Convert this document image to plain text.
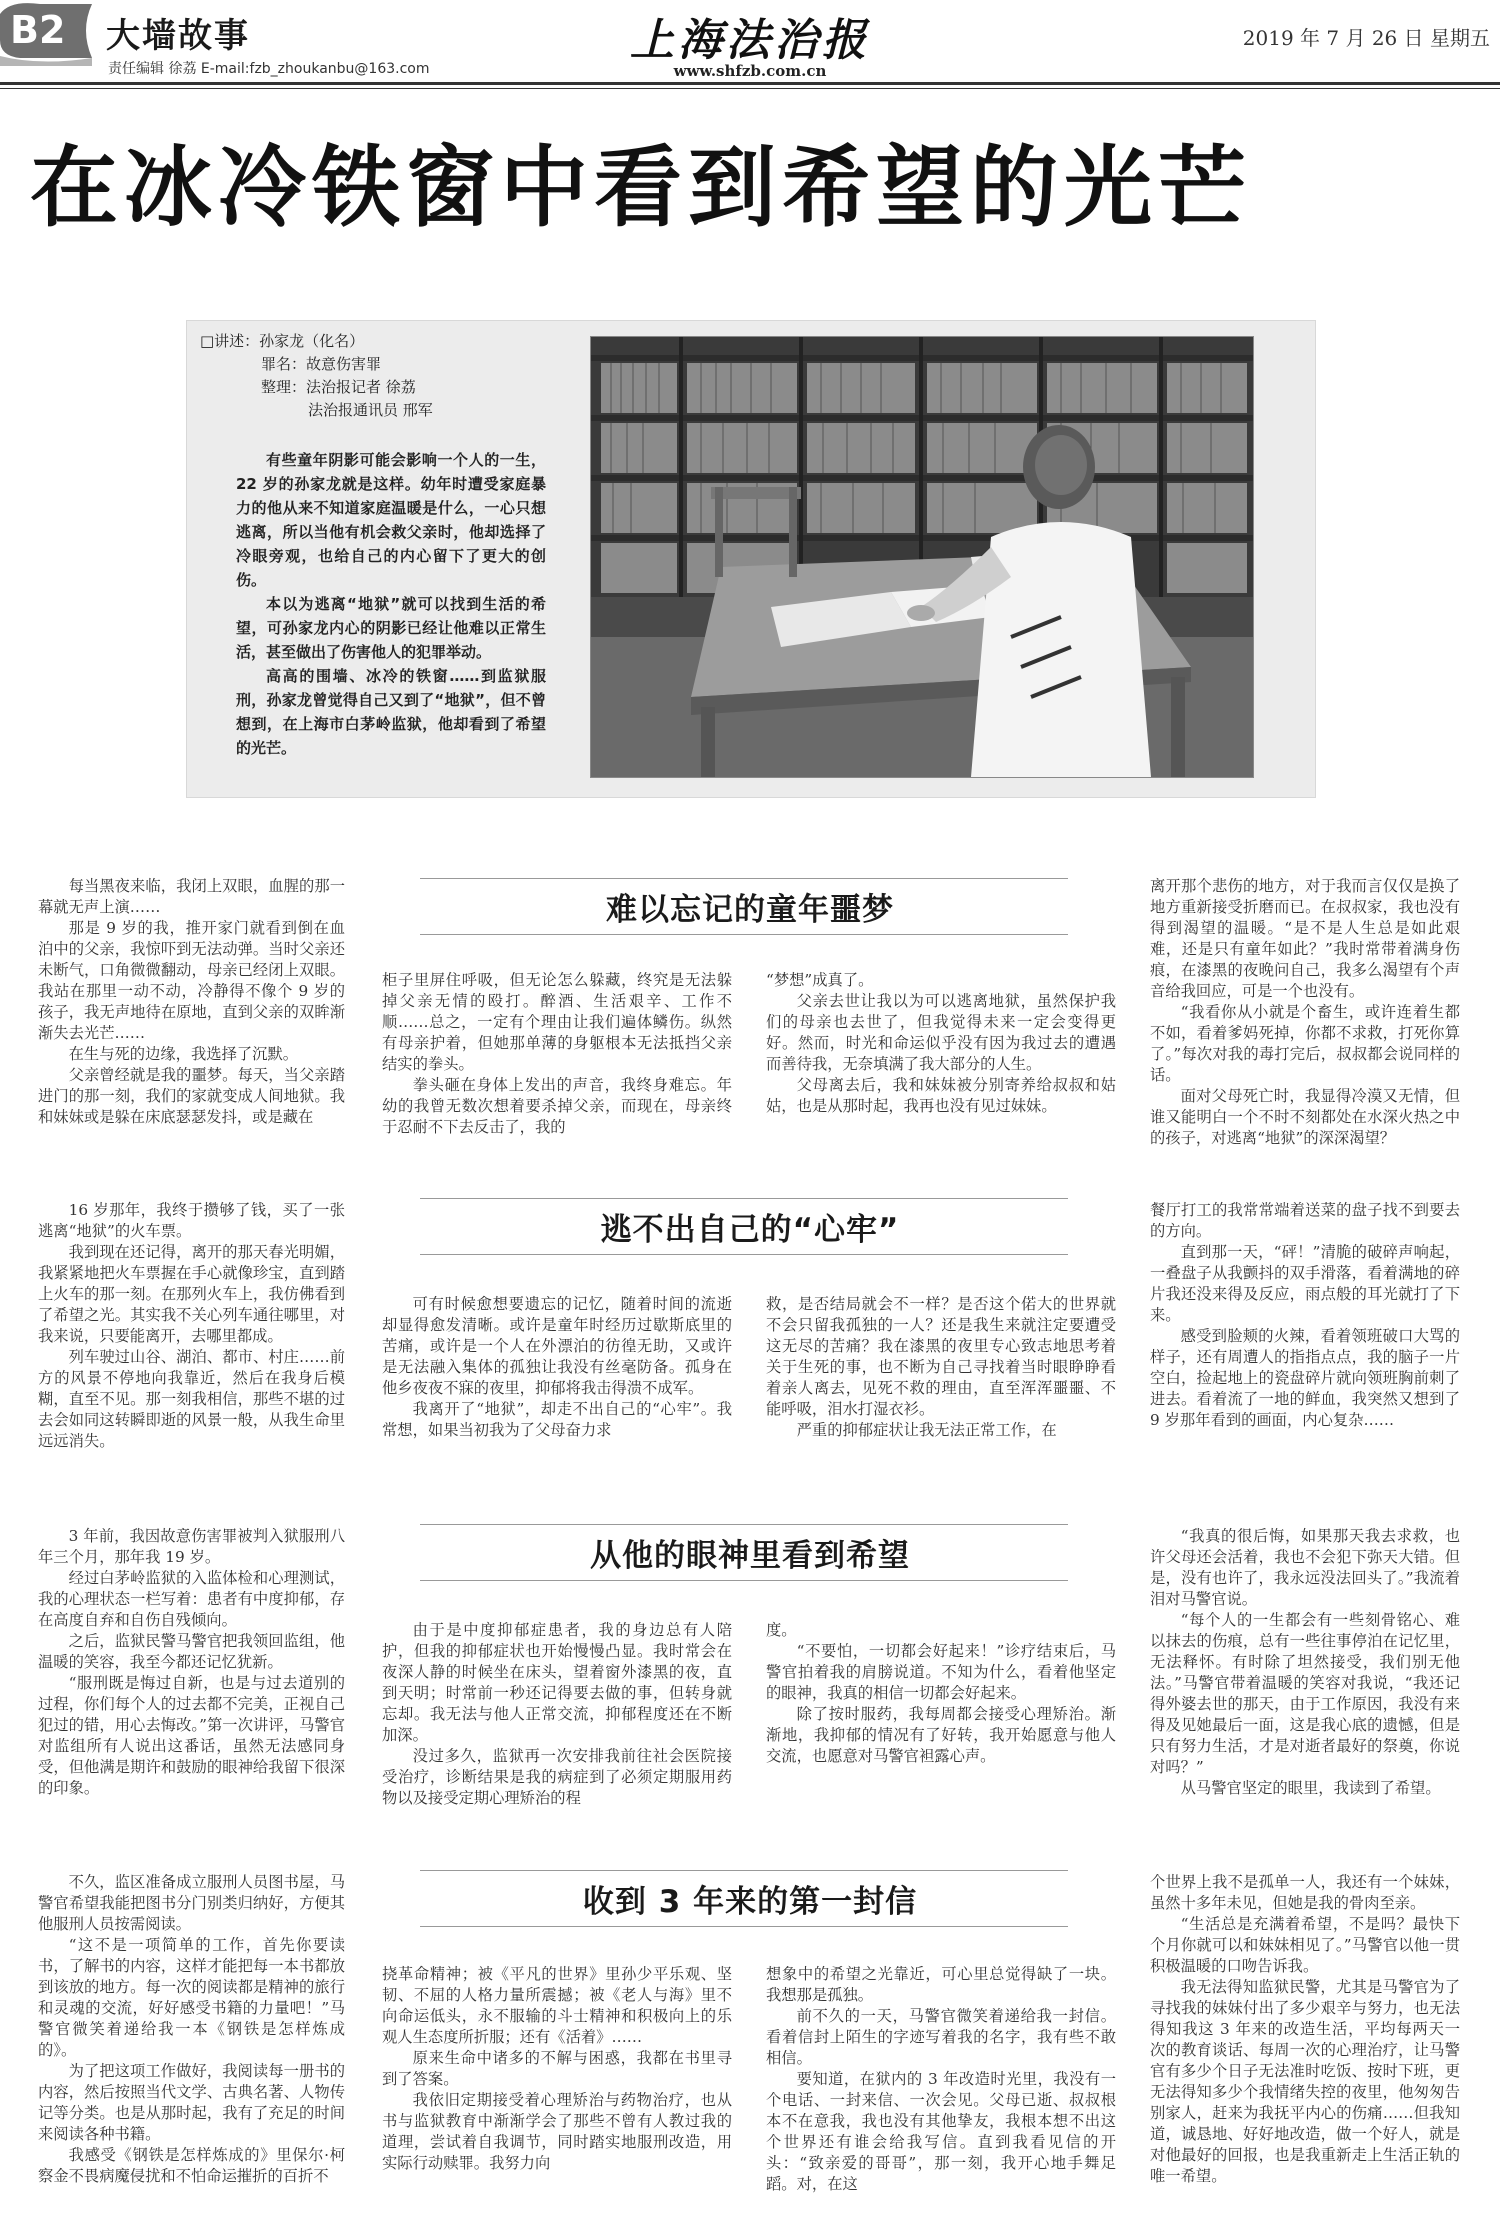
B2 大墙故事
责任编辑 徐荔 E-mail:fzb_zhoukanbu@163.com
上海法治报
www.shfzb.com.cn
2019 年 7 月 26 日 星期五
在冰冷铁窗中看到希望的光芒
□讲述：孙家龙（化名）
罪名：故意伤害罪
整理：法治报记者 徐荔
法治报通讯员 邢军

有些童年阴影可能会影响一个人的一生，22 岁的孙家龙就是这样。幼年时遭受家庭暴力的他从来不知道家庭温暖是什么，一心只想逃离，所以当他有机会救父亲时，他却选择了冷眼旁观，也给自己的内心留下了更大的创伤。

本以为逃离“地狱”就可以找到生活的希望，可孙家龙内心的阴影已经让他难以正常生活，甚至做出了伤害他人的犯罪举动。

高高的围墙、冰冷的铁窗……到监狱服刑，孙家龙曾觉得自己又到了“地狱”，但不曾想到，在上海市白茅岭监狱，他却看到了希望的光芒。

每当黑夜来临，我闭上双眼，血腥的那一幕就无声上演……

那是 9 岁的我，推开家门就看到倒在血泊中的父亲，我惊吓到无法动弹。当时父亲还未断气，口角微微翻动，母亲已经闭上双眼。我站在那里一动不动，冷静得不像个 9 岁的孩子，我无声地待在原地，直到父亲的双眸渐渐失去光芒……

在生与死的边缘，我选择了沉默。

父亲曾经就是我的噩梦。每天，当父亲踏进门的那一刻，我们的家就变成人间地狱。我和妹妹或是躲在床底瑟瑟发抖，或是藏在

难以忘记的童年噩梦

柜子里屏住呼吸，但无论怎么躲藏，终究是无法躲掉父亲无情的殴打。醉酒、生活艰辛、工作不顺……总之，一定有个理由让我们遍体鳞伤。纵然有母亲护着，但她那单薄的身躯根本无法抵挡父亲结实的拳头。

拳头砸在身体上发出的声音，我终身难忘。年幼的我曾无数次想着要杀掉父亲，而现在，母亲终于忍耐不下去反击了，我的

“梦想”成真了。

父亲去世让我以为可以逃离地狱，虽然保护我们的母亲也去世了，但我觉得未来一定会变得更好。然而，时光和命运似乎没有因为我过去的遭遇而善待我，无奈填满了我大部分的人生。

父母离去后，我和妹妹被分别寄养给叔叔和姑姑，也是从那时起，我再也没有见过妹妹。

离开那个悲伤的地方，对于我而言仅仅是换了地方重新接受折磨而已。在叔叔家，我也没有得到渴望的温暖。“是不是人生总是如此艰难，还是只有童年如此？”我时常带着满身伤痕，在漆黑的夜晚问自己，我多么渴望有个声音给我回应，可是一个也没有。

“我看你从小就是个畜生，或许连着生都不如，看着爹妈死掉，你都不求救，打死你算了。”每次对我的毒打完后，叔叔都会说同样的话。

面对父母死亡时，我显得冷漠又无情，但谁又能明白一个不时不刻都处在水深火热之中的孩子，对逃离“地狱”的深深渴望？

16 岁那年，我终于攒够了钱，买了一张逃离“地狱”的火车票。

我到现在还记得，离开的那天春光明媚，我紧紧地把火车票握在手心就像珍宝，直到踏上火车的那一刻。在那列火车上，我仿佛看到了希望之光。其实我不关心列车通往哪里，对我来说，只要能离开，去哪里都成。

列车驶过山谷、湖泊、都市、村庄……前方的风景不停地向我靠近，然后在我身后模糊，直至不见。那一刻我相信，那些不堪的过去会如同这转瞬即逝的风景一般，从我生命里远远消失。

逃不出自己的“心牢”

可有时候愈想要遗忘的记忆，随着时间的流逝却显得愈发清晰。或许是童年时经历过歇斯底里的苦痛，或许是一个人在外漂泊的彷徨无助，又或许是无法融入集体的孤独让我没有丝毫防备。孤身在他乡夜夜不寐的夜里，抑郁将我击得溃不成军。

我离开了“地狱”，却走不出自己的“心牢”。我常想，如果当初我为了父母奋力求

救，是否结局就会不一样？是否这个偌大的世界就不会只留我孤独的一人？还是我生来就注定要遭受这无尽的苦痛？我在漆黑的夜里专心致志地思考着关于生死的事，也不断为自己寻找着当时眼睁睁看着亲人离去，见死不救的理由，直至浑浑噩噩、不能呼吸，泪水打湿衣衫。

严重的抑郁症状让我无法正常工作，在

餐厅打工的我常常端着送菜的盘子找不到要去的方向。

直到那一天，“砰！”清脆的破碎声响起，一叠盘子从我颤抖的双手滑落，看着满地的碎片我还没来得及反应，雨点般的耳光就打了下来。

感受到脸颊的火辣，看着领班破口大骂的样子，还有周遭人的指指点点，我的脑子一片空白，捡起地上的瓷盘碎片就向领班胸前刺了进去。看着流了一地的鲜血，我突然又想到了 9 岁那年看到的画面，内心复杂……

3 年前，我因故意伤害罪被判入狱服刑八年三个月，那年我 19 岁。

经过白茅岭监狱的入监体检和心理测试，我的心理状态一栏写着：患者有中度抑郁，存在高度自弃和自伤自残倾向。

之后，监狱民警马警官把我领回监组，他温暖的笑容，我至今都还记忆犹新。

“服刑既是悔过自新，也是与过去道别的过程，你们每个人的过去都不完美，正视自己犯过的错，用心去悔改。”第一次讲评，马警官对监组所有人说出这番话，虽然无法感同身受，但他满是期许和鼓励的眼神给我留下很深的印象。

从他的眼神里看到希望

由于是中度抑郁症患者，我的身边总有人陪护，但我的抑郁症状也开始慢慢凸显。我时常会在夜深人静的时候坐在床头，望着窗外漆黑的夜，直到天明；时常前一秒还记得要去做的事，但转身就忘却。我无法与他人正常交流，抑郁程度还在不断加深。

没过多久，监狱再一次安排我前往社会医院接受治疗，诊断结果是我的病症到了必须定期服用药物以及接受定期心理矫治的程

度。

“不要怕，一切都会好起来！”诊疗结束后，马警官拍着我的肩膀说道。不知为什么，看着他坚定的眼神，我真的相信一切都会好起来。

除了按时服药，我每周都会接受心理矫治。渐渐地，我抑郁的情况有了好转，我开始愿意与他人交流，也愿意对马警官袒露心声。

“我真的很后悔，如果那天我去求救，也许父母还会活着，我也不会犯下弥天大错。但是，没有也许了，我永远没法回头了。”我流着泪对马警官说。

“每个人的一生都会有一些刻骨铭心、难以抹去的伤痕，总有一些往事停泊在记忆里，无法释怀。有时除了坦然接受，我们别无他法。”马警官带着温暖的笑容对我说，“我还记得外婆去世的那天，由于工作原因，我没有来得及见她最后一面，这是我心底的遗憾，但是只有努力生活，才是对逝者最好的祭奠，你说对吗？”

从马警官坚定的眼里，我读到了希望。

不久，监区准备成立服刑人员图书屋，马警官希望我能把图书分门别类归纳好，方便其他服刑人员按需阅读。

“这不是一项简单的工作，首先你要读书，了解书的内容，这样才能把每一本书都放到该放的地方。每一次的阅读都是精神的旅行和灵魂的交流，好好感受书籍的力量吧！”马警官微笑着递给我一本《钢铁是怎样炼成的》。

为了把这项工作做好，我阅读每一册书的内容，然后按照当代文学、古典名著、人物传记等分类。也是从那时起，我有了充足的时间来阅读各种书籍。

我感受《钢铁是怎样炼成的》里保尔·柯察金不畏病魔侵扰和不怕命运摧折的百折不

收到 3 年来的第一封信

挠革命精神；被《平凡的世界》里孙少平乐观、坚韧、不屈的人格力量所震撼；被《老人与海》里不向命运低头，永不服输的斗士精神和积极向上的乐观人生态度所折服；还有《活着》……

原来生命中诸多的不解与困惑，我都在书里寻到了答案。

我依旧定期接受着心理矫治与药物治疗，也从书与监狱教育中渐渐学会了那些不曾有人教过我的道理，尝试着自我调节，同时踏实地服刑改造，用实际行动赎罪。我努力向

想象中的希望之光靠近，可心里总觉得缺了一块。我想那是孤独。

前不久的一天，马警官微笑着递给我一封信。看着信封上陌生的字迹写着我的名字，我有些不敢相信。

要知道，在狱内的 3 年改造时光里，我没有一个电话、一封来信、一次会见。父母已逝、叔叔根本不在意我，我也没有其他挚友，我根本想不出这个世界还有谁会给我写信。直到我看见信的开头：“致亲爱的哥哥”，那一刻，我开心地手舞足蹈。对，在这

个世界上我不是孤单一人，我还有一个妹妹，虽然十多年未见，但她是我的骨肉至亲。

“生活总是充满着希望，不是吗？最快下个月你就可以和妹妹相见了。”马警官以他一贯积极温暖的口吻告诉我。

我无法得知监狱民警，尤其是马警官为了寻找我的妹妹付出了多少艰辛与努力，也无法得知我这 3 年来的改造生活，平均每两天一次的教育谈话、每周一次的心理治疗，让马警官有多少个日子无法准时吃饭、按时下班，更无法得知多少个我情绪失控的夜里，他匆匆告别家人，赶来为我抚平内心的伤痛……但我知道，诚恳地、好好地改造，做一个好人，就是对他最好的回报，也是我重新走上生活正轨的唯一希望。
